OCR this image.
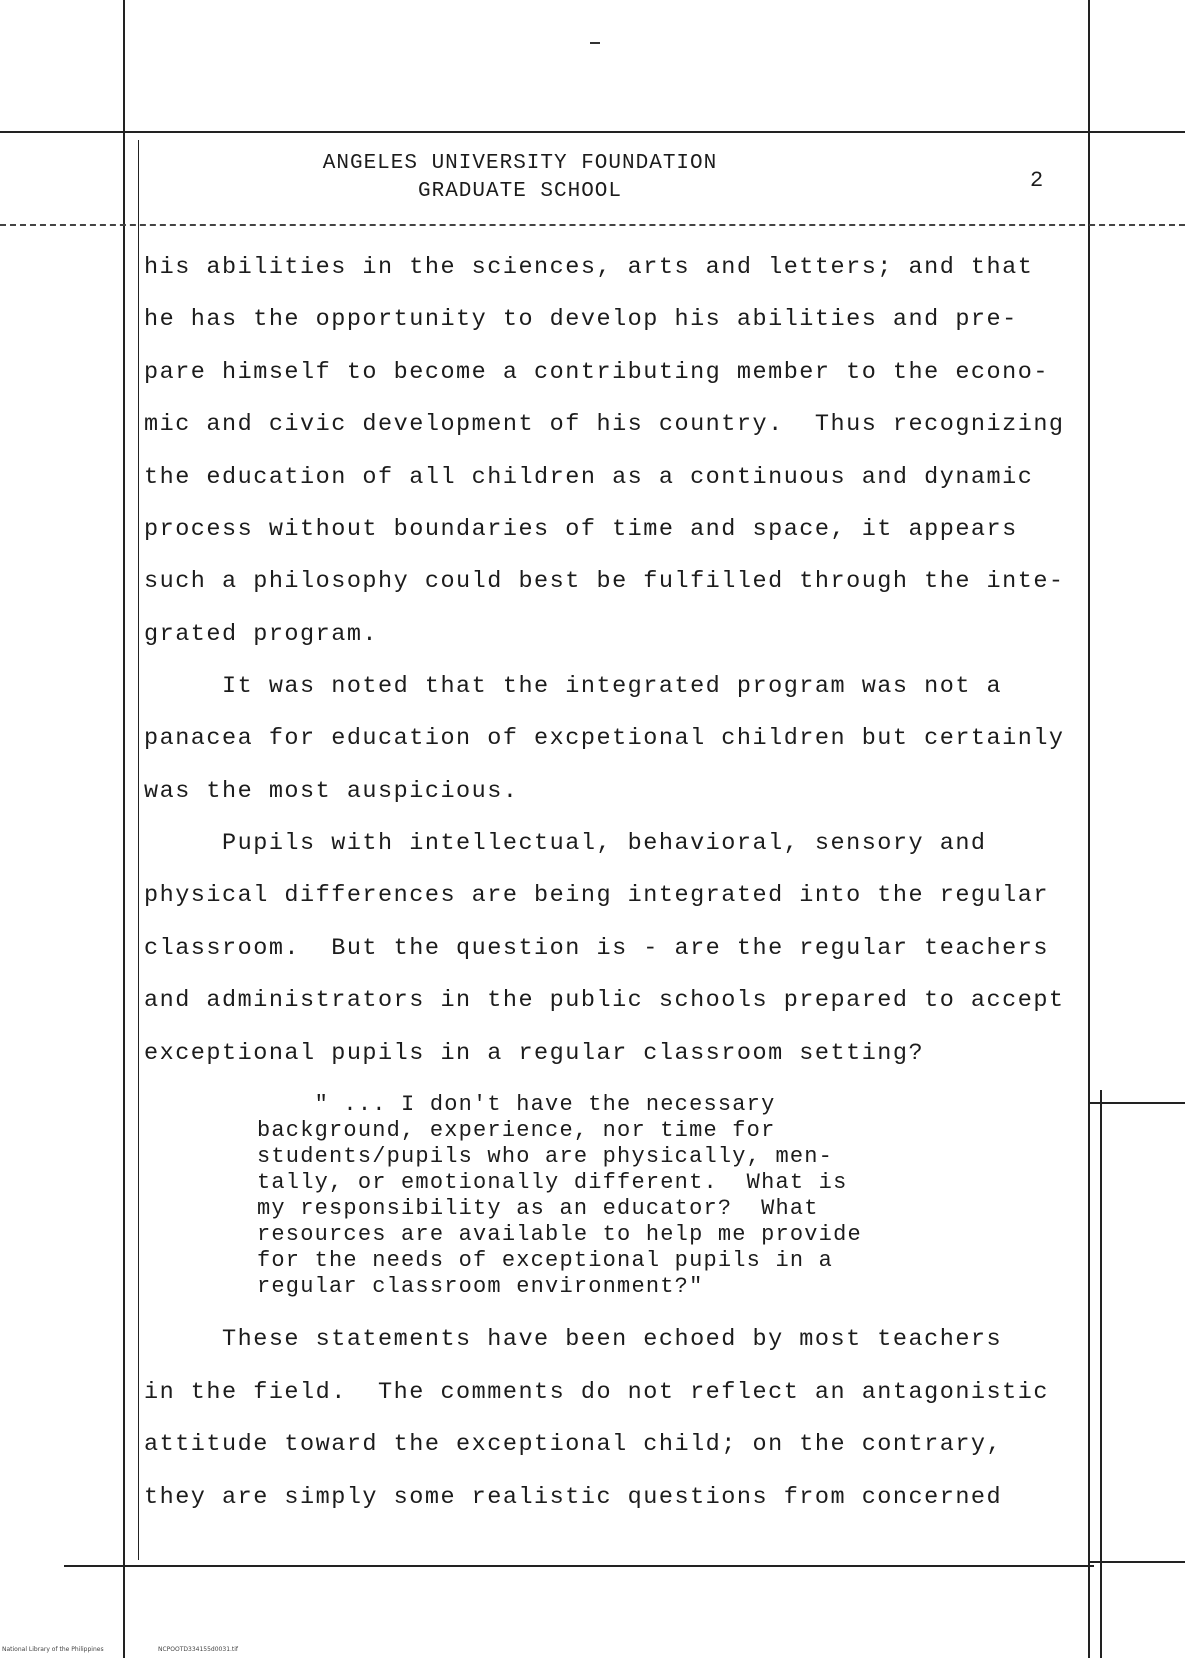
ANGELES UNIVERSITY FOUNDATION
GRADUATE SCHOOL	2
his abilities in the sciences, arts and letters; and that
he has the opportunity to develop his abilities and pre-
pare himself to become a contributing member to the econo-
mic and civic development of his country.  Thus recognizing
the education of all children as a continuous and dynamic
process without boundaries of time and space, it appears
such a philosophy could best be fulfilled through the inte-
grated program.
It was noted that the integrated program was not a
panacea for education of excpetional children but certainly
was the most auspicious.
Pupils with intellectual, behavioral, sensory and
physical differences are being integrated into the regular
classroom.  But the question is - are the regular teachers
and administrators in the public schools prepared to accept
exceptional pupils in a regular classroom setting?
" ... I don't have the necessary
background, experience, nor time for
students/pupils who are physically, men-
tally, or emotionally different.  What is
my responsibility as an educator?  What
resources are available to help me provide
for the needs of exceptional pupils in a
regular classroom environment?"
These statements have been echoed by most teachers
in the field.  The comments do not reflect an antagonistic
attitude toward the exceptional child; on the contrary,
they are simply some realistic questions from concerned
National Library of the Philippines	NCPOOTD334155d0031.tif
